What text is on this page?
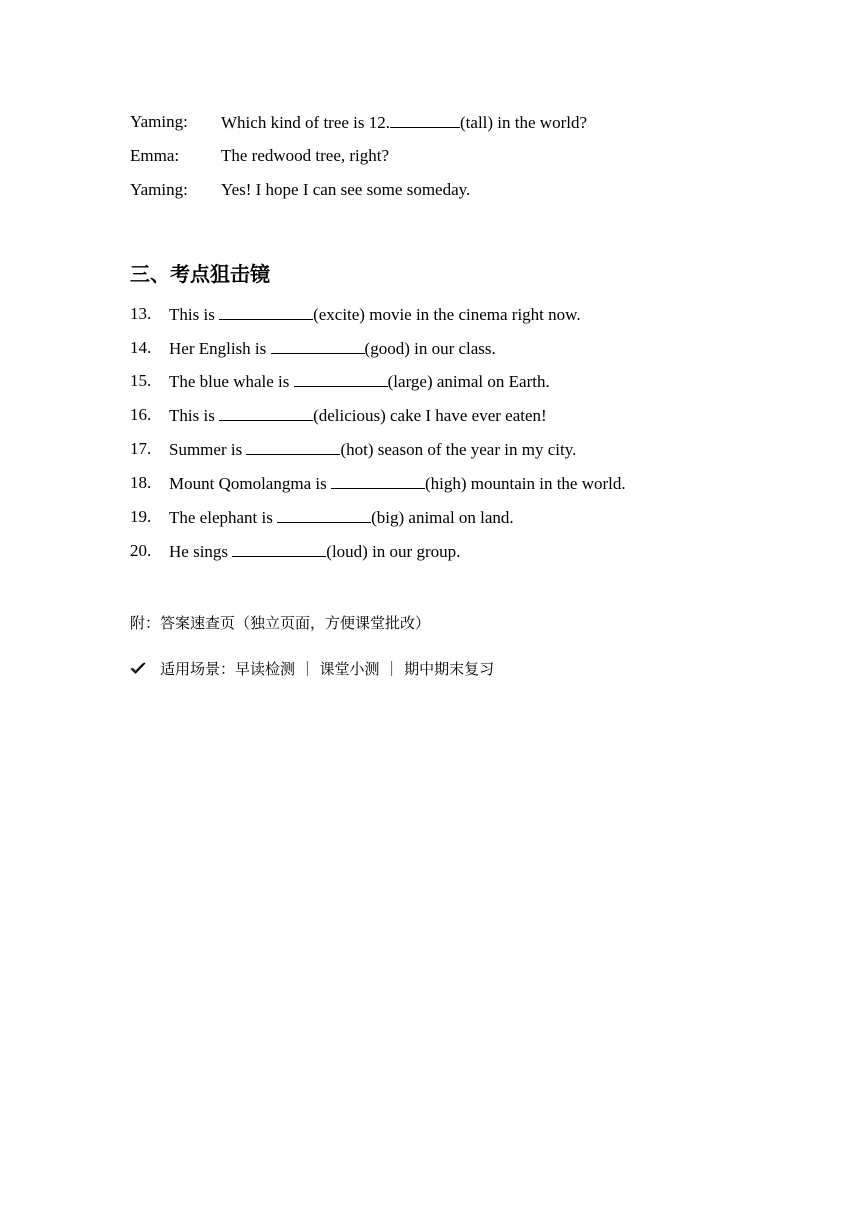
Yaming: Which kind of tree is 12.	(tall) in the world?
Emma: The redwood tree, right?
Yaming: Yes! I hope I can see some someday.
三、考点狙击镜
13. This is	(excite) movie in the cinema right now.
14. Her English is	(good) in our class.
15. The blue whale is	(large) animal on Earth.
16. This is	(delicious) cake I have ever eaten!
17. Summer is	(hot) season of the year in my city.
18. Mount Qomolangma is	(high) mountain in the world.
19. The elephant is	(big) animal on land.
20. He sings	(loud) in our group.
附：答案速查页（独立页面，方便课堂批改）
适用场景：早读检测 ｜ 课堂小测 ｜ 期中期末复习
